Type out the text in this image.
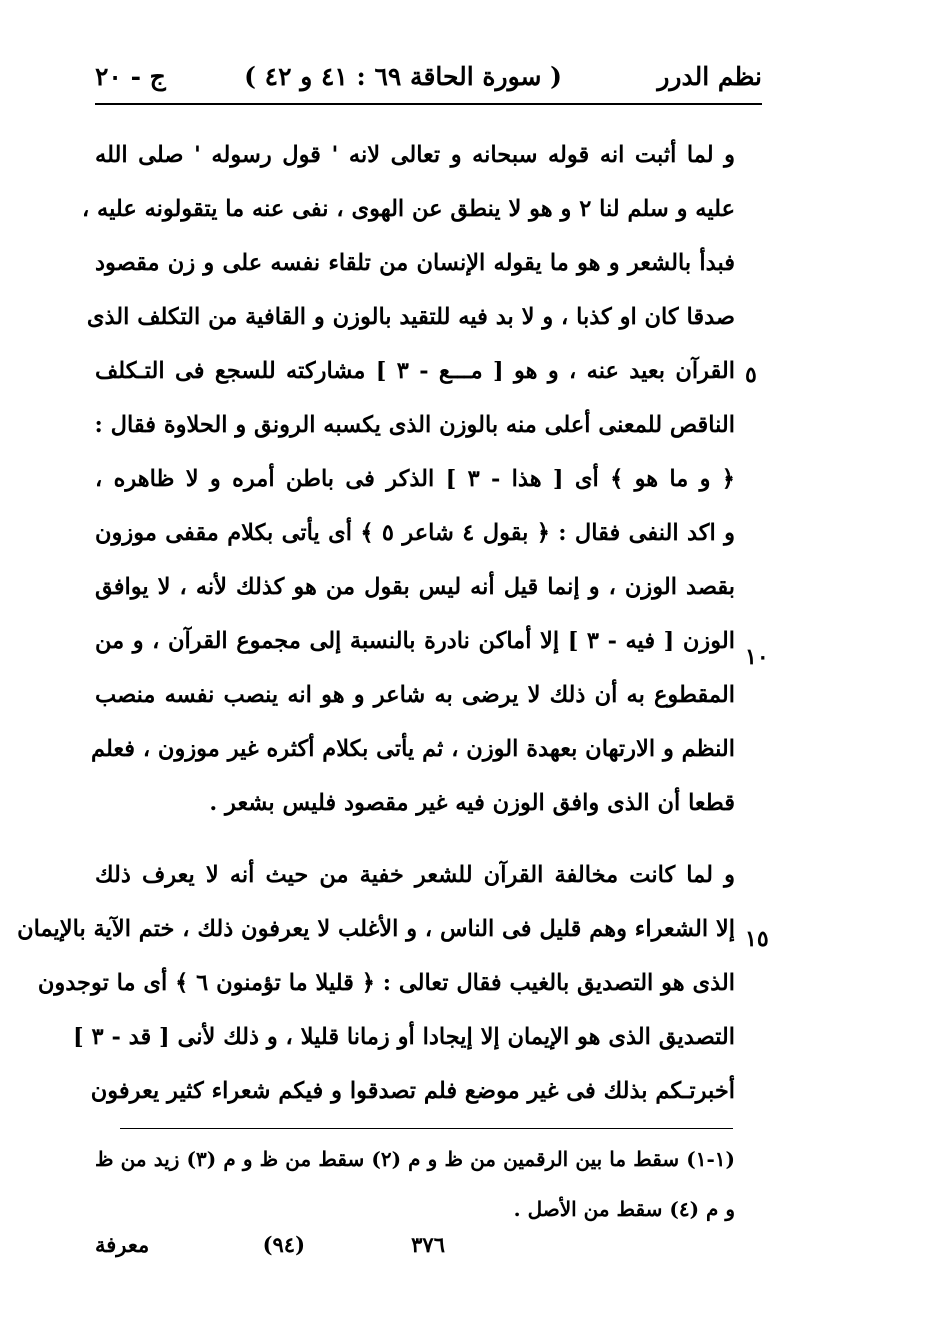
نظم الدرر
( سورة الحاقة ٦٩ : ٤١ و ٤٢ )
ج - ٢٠
و لما أثبت انه قوله سبحانه و تعالى لانه ' قول رسوله ' صلى الله
عليه و سلم لنا ٢ و هو لا ينطق عن الهوى ، نفى عنه ما يتقولونه عليه ،
فبدأ بالشعر و هو ما يقوله الإنسان من تلقاء نفسه على و زن مقصود
صدقا كان او كذبا ، و لا بد فيه للتقيد بالوزن و القافية من التكلف الذى
القرآن بعيد عنه ، و هو [ مـــع - ٣ ] مشاركته للسجع فى التـكلف
الناقص للمعنى أعلى منه بالوزن الذى يكسبه الرونق و الحلاوة فقال :
﴿ و ما هو ﴾ أى [ هذا - ٣ ] الذكر فى باطن أمره و لا ظاهره ،
و اكد النفى فقال : ﴿ بقول ٤ شاعر ٥ ﴾ أى يأتى بكلام مقفى موزون
بقصد الوزن ، و إنما قيل أنه ليس بقول من هو كذلك لأنه ، لا يوافق
الوزن [ فيه - ٣ ] إلا أماكن نادرة بالنسبة إلى مجموع القرآن ، و من
المقطوع به أن ذلك لا يرضى به شاعر و هو انه ينصب نفسه منصب
النظم و الارتهان بعهدة الوزن ، ثم يأتى بكلام أكثره غير موزون ، فعلم
قطعا أن الذى وافق الوزن فيه غير مقصود فليس بشعر .
و لما كانت مخالفة القرآن للشعر خفية من حيث أنه لا يعرف ذلك
إلا الشعراء وهم قليل فى الناس ، و الأغلب لا يعرفون ذلك ، ختم الآية بالإيمان
الذى هو التصديق بالغيب فقال تعالى : ﴿ قليلا ما تؤمنون ٦ ﴾ أى ما توجدون
التصديق الذى هو الإيمان إلا إيجادا أو زمانا قليلا ، و ذلك لأنى [ قد - ٣ ]
أخبرتـكم بذلك فى غير موضع فلم تصدقوا و فيكم شعراء كثير يعرفون
٥
١٠
١٥
(١-١) سقط ما بين الرقمين من ظ و م (٢) سقط من ظ و م (٣) زيد من ظ
و م (٤) سقط من الأصل .
٣٧٦
(٩٤)
معرفة
